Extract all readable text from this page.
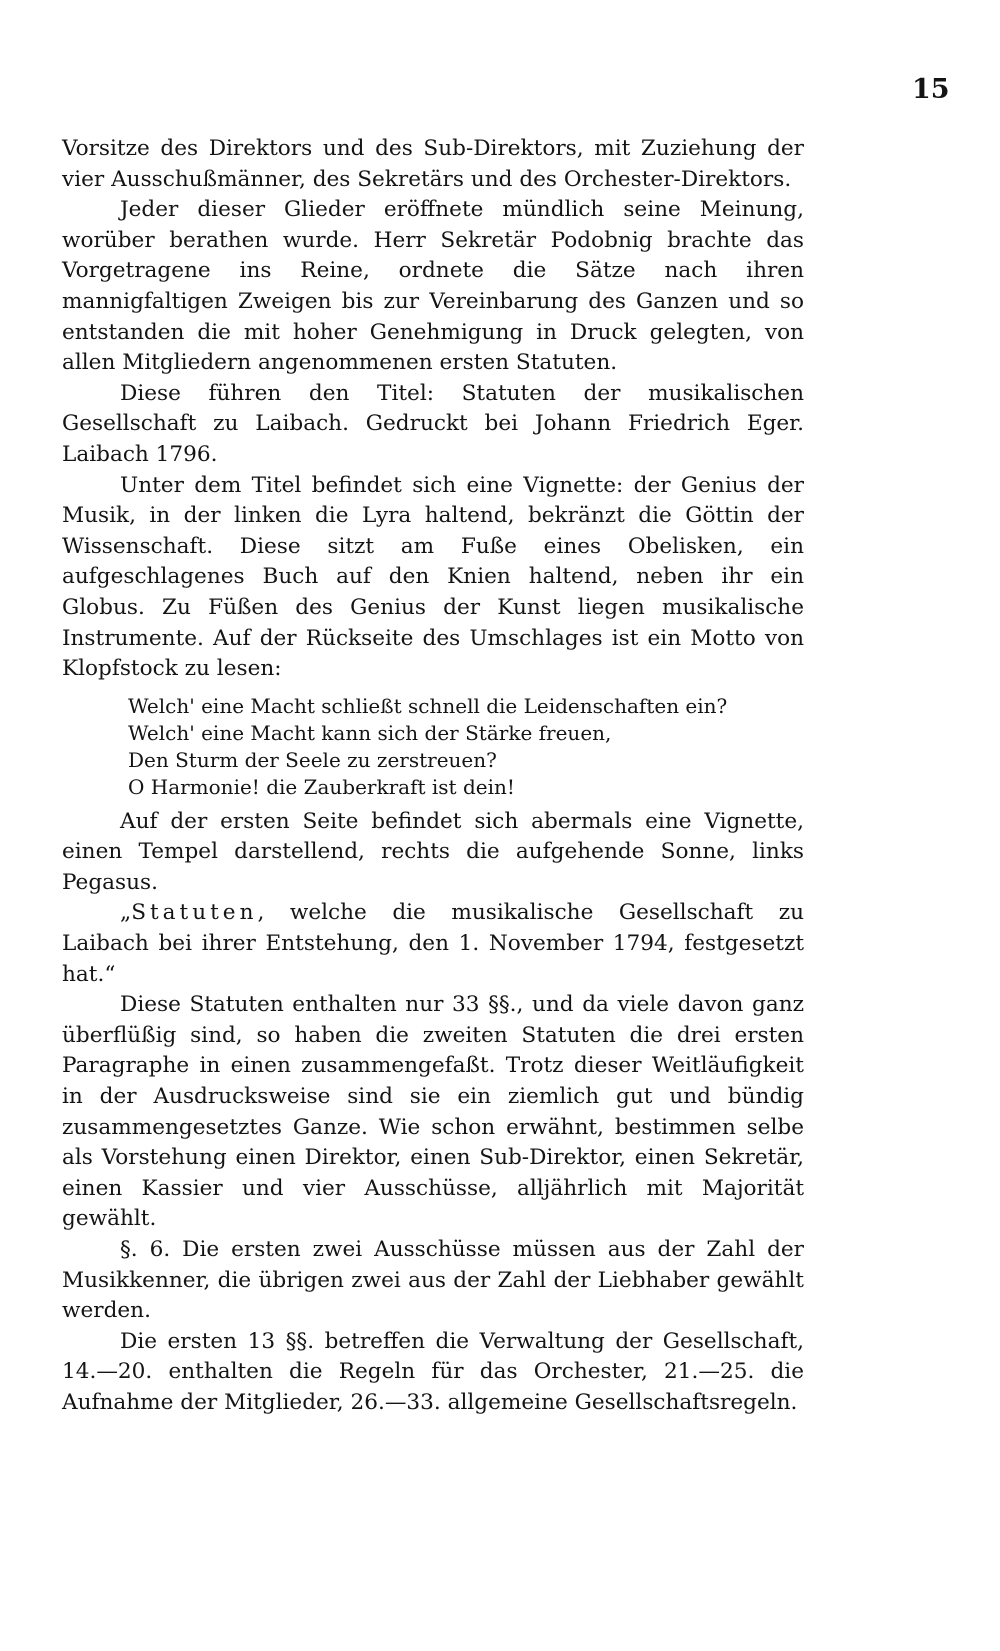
15

Vorsitze des Direktors und des Sub-Direktors, mit Zuziehung der vier Ausschußmänner, des Sekretärs und des Orchester-Direktors.

Jeder dieser Glieder eröffnete mündlich seine Meinung, worüber berathen wurde. Herr Sekretär Podobnig brachte das Vorgetragene ins Reine, ordnete die Sätze nach ihren mannigfaltigen Zweigen bis zur Vereinbarung des Ganzen und so entstanden die mit hoher Genehmigung in Druck gelegten, von allen Mitgliedern angenommenen ersten Statuten.

Diese führen den Titel: Statuten der musikalischen Gesellschaft zu Laibach. Gedruckt bei Johann Friedrich Eger. Laibach 1796.

Unter dem Titel befindet sich eine Vignette: der Genius der Musik, in der linken die Lyra haltend, bekränzt die Göttin der Wissenschaft. Diese sitzt am Fuße eines Obelisken, ein aufgeschlagenes Buch auf den Knien haltend, neben ihr ein Globus. Zu Füßen des Genius der Kunst liegen musikalische Instrumente. Auf der Rückseite des Umschlages ist ein Motto von Klopfstock zu lesen:

Welch' eine Macht schließt schnell die Leidenschaften ein?
Welch' eine Macht kann sich der Stärke freuen,
Den Sturm der Seele zu zerstreuen?
O Harmonie! die Zauberkraft ist dein!

Auf der ersten Seite befindet sich abermals eine Vignette, einen Tempel darstellend, rechts die aufgehende Sonne, links Pegasus.

„Statuten, welche die musikalische Gesellschaft zu Laibach bei ihrer Entstehung, den 1. November 1794, festgesetzt hat.“

Diese Statuten enthalten nur 33 §§., und da viele davon ganz überflüßig sind, so haben die zweiten Statuten die drei ersten Paragraphe in einen zusammengefaßt. Trotz dieser Weitläufigkeit in der Ausdrucksweise sind sie ein ziemlich gut und bündig zusammengesetztes Ganze. Wie schon erwähnt, bestimmen selbe als Vorstehung einen Direktor, einen Sub-Direktor, einen Sekretär, einen Kassier und vier Ausschüsse, alljährlich mit Majorität gewählt.

§. 6. Die ersten zwei Ausschüsse müssen aus der Zahl der Musikkenner, die übrigen zwei aus der Zahl der Liebhaber gewählt werden.

Die ersten 13 §§. betreffen die Verwaltung der Gesellschaft, 14.—20. enthalten die Regeln für das Orchester, 21.—25. die Aufnahme der Mitglieder, 26.—33. allgemeine Gesellschaftsregeln.
